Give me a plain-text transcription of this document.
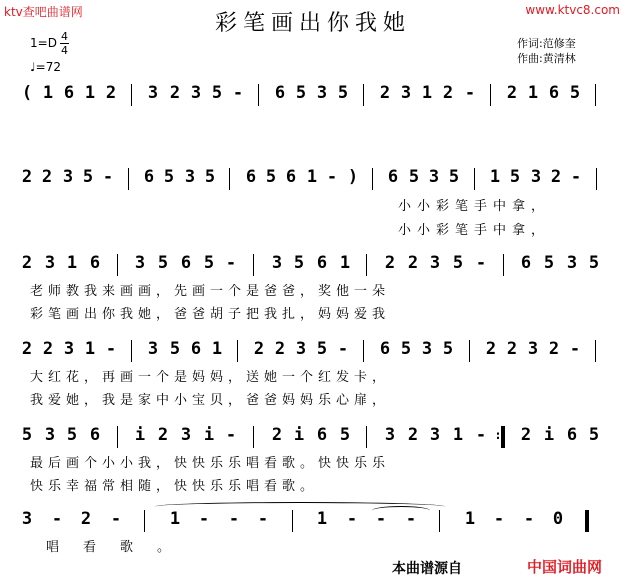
ktv查吧曲谱网	www.ktvc8.com
彩笔画出你我她
1=D 4
4
♩=72
作词:范修奎
作曲:黄清林
( 1 6 1 2 3 2 3 5 - 6 5 3 5 2 3 1 2 - 2 1 6 5
2 2 3 5 - 6 5 3 5 6 5 6 1 - ) 6 5 3 5 1 5 3 2 -
2 3 1 6 3 5 6 5 - 3 5 6 1 2 2 3 5 - 6 5 3 5
2 2 3 1 - 3 5 6 1 2 2 3 5 - 6 5 3 5 2 2 3 2 -
5 3 5 6 i 2 3 i - 2 i 6 5 3 2 3 1 - : 2 i 6 5
3 - 2 -	1 - - -	1 - - -	1 - - 0
小小彩笔手中拿，
小小彩笔手中拿，
老师教我来画画，先画一个是爸爸，奖他一朵
彩笔画出你我她，爸爸胡子把我扎，妈妈爱我
大红花，再画一个是妈妈，送她一个红发卡，
我爱她，我是家中小宝贝，爸爸妈妈乐心扉，
最后画个小小我，快快乐乐唱看歌。快快乐乐
快乐幸福常相随，快快乐乐唱看歌。
唱看歌。
本曲谱源自	中国词曲网
